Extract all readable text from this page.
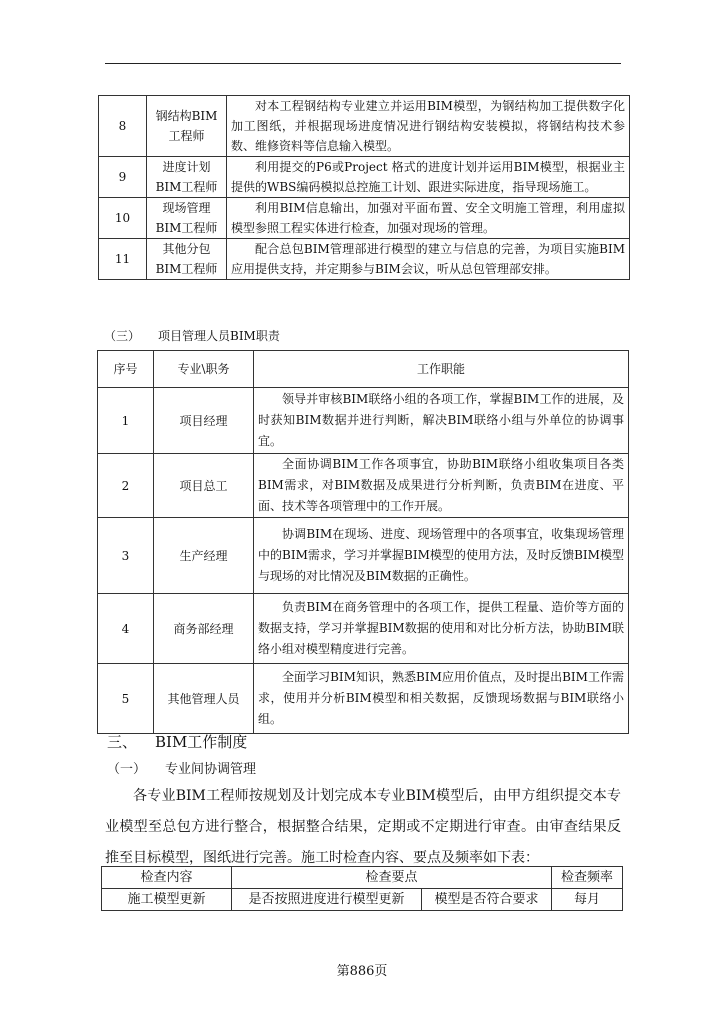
8	钢结构BIM工程师	对本工程钢结构专业建立并运用BIM模型，为钢结构加工提供数字化加工图纸，并根据现场进度情况进行钢结构安装模拟，将钢结构技术参数、维修资料等信息输入模型。
9	进度计划BIM工程师	利用提交的P6或Project 格式的进度计划并运用BIM模型，根据业主提供的WBS编码模拟总控施工计划、跟进实际进度，指导现场施工。
10	现场管理BIM工程师	利用BIM信息输出，加强对平面布置、安全文明施工管理，利用虚拟模型参照工程实体进行检查，加强对现场的管理。
11	其他分包BIM工程师	配合总包BIM管理部进行模型的建立与信息的完善，为项目实施BIM应用提供支持，并定期参与BIM会议，听从总包管理部安排。
（三） 项目管理人员BIM职责
序号	专业\职务	工作职能
1	项目经理	领导并审核BIM联络小组的各项工作，掌握BIM工作的进展，及时获知BIM数据并进行判断，解决BIM联络小组与外单位的协调事宜。
2	项目总工	全面协调BIM工作各项事宜，协助BIM联络小组收集项目各类BIM需求，对BIM数据及成果进行分析判断，负责BIM在进度、平面、技术等各项管理中的工作开展。
3	生产经理	协调BIM在现场、进度、现场管理中的各项事宜，收集现场管理中的BIM需求，学习并掌握BIM模型的使用方法，及时反馈BIM模型与现场的对比情况及BIM数据的正确性。
4	商务部经理	负责BIM在商务管理中的各项工作，提供工程量、造价等方面的数据支持，学习并掌握BIM数据的使用和对比分析方法，协助BIM联络小组对模型精度进行完善。
5	其他管理人员	全面学习BIM知识，熟悉BIM应用价值点，及时提出BIM工作需求，使用并分析BIM模型和相关数据，反馈现场数据与BIM联络小组。
三、 BIM工作制度
（一） 专业间协调管理
各专业BIM工程师按规划及计划完成本专业BIM模型后，由甲方组织提交本专业模型至总包方进行整合，根据整合结果，定期或不定期进行审查。由审查结果反推至目标模型，图纸进行完善。施工时检查内容、要点及频率如下表：
检查内容	检查要点		检查频率
施工模型更新	是否按照进度进行模型更新	模型是否符合要求	每月
第886页
